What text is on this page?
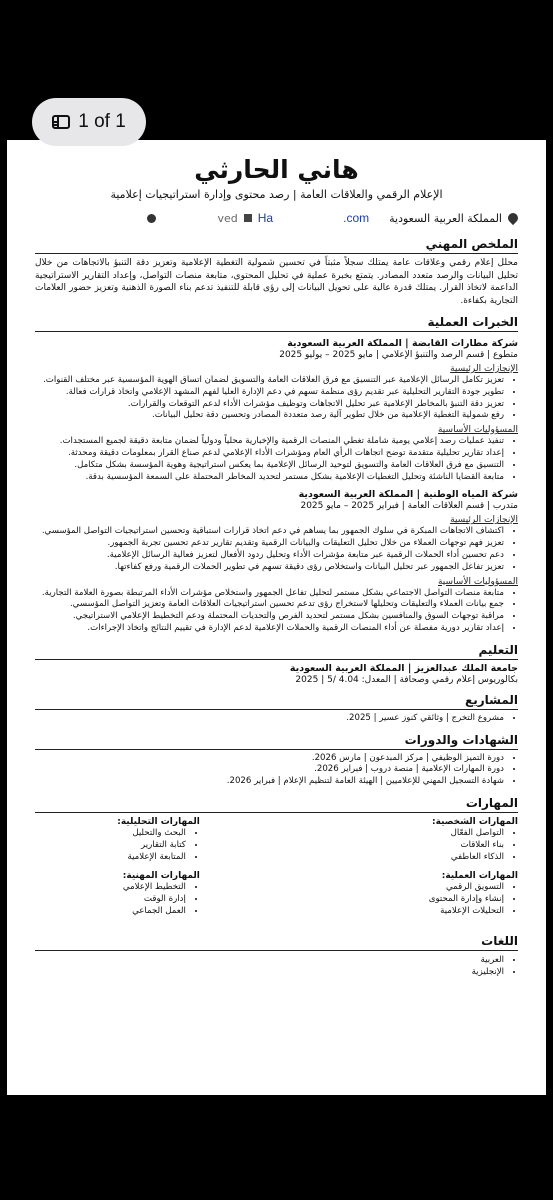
1 of 1
هاني الحارثي

الإعلام الرقمي والعلاقات العامة | رصد محتوى وإدارة استراتيجيات إعلامية

المملكة العربية السعودية
Ha	.com
ved
الملخص المهني

محلل إعلام رقمي وعلاقات عامة يمتلك سجلاً مثبتاً في تحسين شمولية التغطية الإعلامية وتعزيز دقة التنبؤ بالاتجاهات من خلال تحليل البيانات والرصد متعدد المصادر. يتمتع بخبرة عملية في تحليل المحتوى، متابعة منصات التواصل، وإعداد التقارير الاستراتيجية الداعمة لاتخاذ القرار. يمتلك قدرة عالية على تحويل البيانات إلى رؤى قابلة للتنفيذ تدعم بناء الصورة الذهنية وتعزيز حضور العلامات التجارية بكفاءة.

الخبرات العملية
شركة مطارات القابضة | المملكة العربية السعودية
متطوع | قسم الرصد والتنبؤ الإعلامي | مايو 2025 – يوليو 2025
الإنجازات الرئيسية
• تعزيز تكامل الرسائل الإعلامية عبر التنسيق مع فرق العلاقات العامة والتسويق لضمان اتساق الهوية المؤسسية عبر مختلف القنوات.
• تطوير جودة التقارير التحليلية عبر تقديم رؤى منظمة تسهم في دعم الإدارة العليا لفهم المشهد الإعلامي واتخاذ قرارات فعالة.
• تعزيز دقة التنبؤ بالمخاطر الإعلامية عبر تحليل الاتجاهات وتوظيف مؤشرات الأداء لدعم التوقعات والقرارات.
• رفع شمولية التغطية الإعلامية من خلال تطوير آلية رصد متعددة المصادر وتحسين دقة تحليل البيانات.
المسؤوليات الأساسية
• تنفيذ عمليات رصد إعلامي يومية شاملة تغطي المنصات الرقمية والإخبارية محلياً ودولياً لضمان متابعة دقيقة لجميع المستجدات.
• إعداد تقارير تحليلية متقدمة توضح اتجاهات الرأي العام ومؤشرات الأداء الإعلامي لدعم صناع القرار بمعلومات دقيقة ومحدثة.
• التنسيق مع فرق العلاقات العامة والتسويق لتوحيد الرسائل الإعلامية بما يعكس استراتيجية وهوية المؤسسة بشكل متكامل.
• متابعة القضايا الناشئة وتحليل التغطيات الإعلامية بشكل مستمر لتحديد المخاطر المحتملة على السمعة المؤسسية بدقة.
شركة المياه الوطنية | المملكة العربية السعودية
متدرب | قسم العلاقات العامة | فبراير 2025 – مايو 2025
الإنجازات الرئيسية
• اكتشاف الاتجاهات المبكرة في سلوك الجمهور بما يساهم في دعم اتخاذ قرارات استباقية وتحسين استراتيجيات التواصل المؤسسي.
• تعزيز فهم توجهات العملاء من خلال تحليل التعليقات والبيانات الرقمية وتقديم تقارير تدعم تحسين تجربة الجمهور.
• دعم تحسين أداء الحملات الرقمية عبر متابعة مؤشرات الأداء وتحليل ردود الأفعال لتعزيز فعالية الرسائل الإعلامية.
• تعزيز تفاعل الجمهور عبر تحليل البيانات واستخلاص رؤى دقيقة تسهم في تطوير الحملات الرقمية ورفع كفاءتها.
المسؤوليات الأساسية
• متابعة منصات التواصل الاجتماعي بشكل مستمر لتحليل تفاعل الجمهور واستخلاص مؤشرات الأداء المرتبطة بصورة العلامة التجارية.
• جمع بيانات العملاء والتعليقات وتحليلها لاستخراج رؤى تدعم تحسين استراتيجيات العلاقات العامة وتعزيز التواصل المؤسسي.
• مراقبة توجهات السوق والمنافسين بشكل مستمر لتحديد الفرص والتحديات المحتملة ودعم التخطيط الإعلامي الاستراتيجي.
• إعداد تقارير دورية مفصلة عن أداء المنصات الرقمية والحملات الإعلامية لدعم الإدارة في تقييم النتائج واتخاذ الإجراءات.
التعليم
جامعة الملك عبدالعزيز | المملكة العربية السعودية
بكالوريوس إعلام رقمي وصحافة | المعدل: 4.04 /5 | 2025
المشاريع
• مشروع التخرج | وثائقي كنوز عسير | 2025.
الشهادات والدورات
• دورة التميز الوظيفي | مركز المبدعون | مارس 2026.
• دورة المهارات الإعلامية | منصة دروب | فبراير 2026.
• شهادة التسجيل المهني للإعلاميين | الهيئة العامة لتنظيم الإعلام | فبراير 2026.
المهارات
المهارات الشخصية:
• التواصل الفعّال
• بناء العلاقات
• الذكاء العاطفي
المهارات العملية:
• التسويق الرقمي
• إنشاء وإدارة المحتوى
• التحليلات الإعلامية
المهارات التحليلية:
• البحث والتحليل
• كتابة التقارير
• المتابعة الإعلامية
المهارات المهنية:
• التخطيط الإعلامي
• إدارة الوقت
• العمل الجماعي
اللغات
• العربية
• الإنجليزية
